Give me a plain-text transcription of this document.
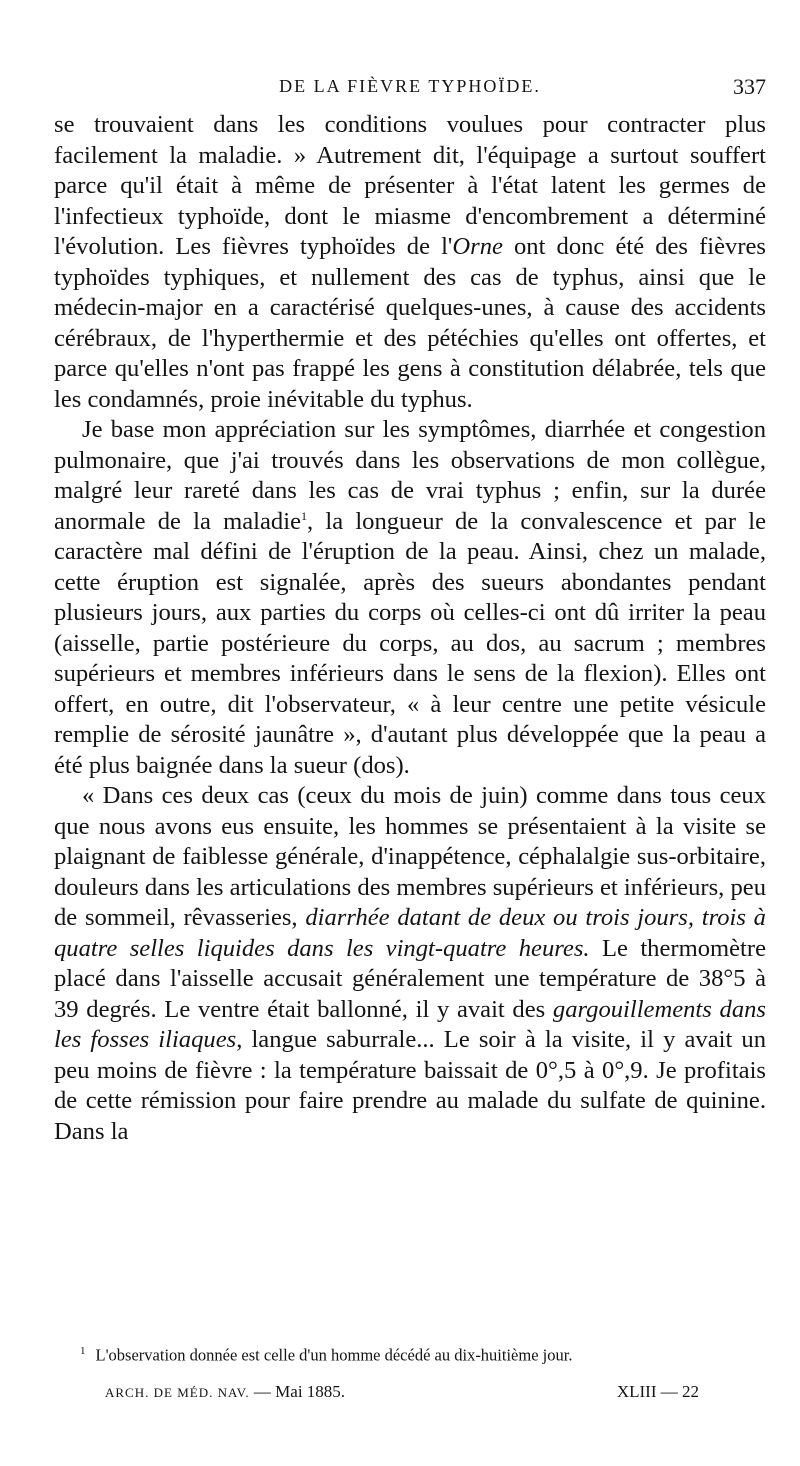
DE LA FIÈVRE TYPHOÏDE.	337

se trouvaient dans les conditions voulues pour contracter plus facilement la maladie. » Autrement dit, l'équipage a surtout souffert parce qu'il était à même de présenter à l'état latent les germes de l'infectieux typhoïde, dont le miasme d'encombrement a déterminé l'évolution. Les fièvres typhoïdes de l'Orne ont donc été des fièvres typhoïdes typhiques, et nullement des cas de typhus, ainsi que le médecin-major en a caractérisé quelques-unes, à cause des accidents cérébraux, de l'hyperthermie et des pétéchies qu'elles ont offertes, et parce qu'elles n'ont pas frappé les gens à constitution délabrée, tels que les condamnés, proie inévitable du typhus.

Je base mon appréciation sur les symptômes, diarrhée et congestion pulmonaire, que j'ai trouvés dans les observations de mon collègue, malgré leur rareté dans les cas de vrai typhus ; enfin, sur la durée anormale de la maladie$^1$, la longueur de la convalescence et par le caractère mal défini de l'éruption de la peau. Ainsi, chez un malade, cette éruption est signalée, après des sueurs abondantes pendant plusieurs jours, aux parties du corps où celles-ci ont dû irriter la peau (aisselle, partie postérieure du corps, au dos, au sacrum ; membres supérieurs et membres inférieurs dans le sens de la flexion). Elles ont offert, en outre, dit l'observateur, « à leur centre une petite vésicule remplie de sérosité jaunâtre », d'autant plus développée que la peau a été plus baignée dans la sueur (dos).

« Dans ces deux cas (ceux du mois de juin) comme dans tous ceux que nous avons eus ensuite, les hommes se présentaient à la visite se plaignant de faiblesse générale, d'inappétence, céphalalgie sus-orbitaire, douleurs dans les articulations des membres supérieurs et inférieurs, peu de sommeil, rêvasseries, diarrhée datant de deux ou trois jours, trois à quatre selles liquides dans les vingt-quatre heures. Le thermomètre placé dans l'aisselle accusait généralement une température de 38°5 à 39 degrés. Le ventre était ballonné, il y avait des gargouillements dans les fosses iliaques, langue saburrale... Le soir à la visite, il y avait un peu moins de fièvre : la température baissait de 0°,5 à 0°,9. Je profitais de cette rémission pour faire prendre au malade du sulfate de quinine. Dans la

$^1$ L'observation donnée est celle d'un homme décédé au dix-huitième jour.
ARCH. DE MÉD. NAV. — Mai 1885.	XLIII — 22
